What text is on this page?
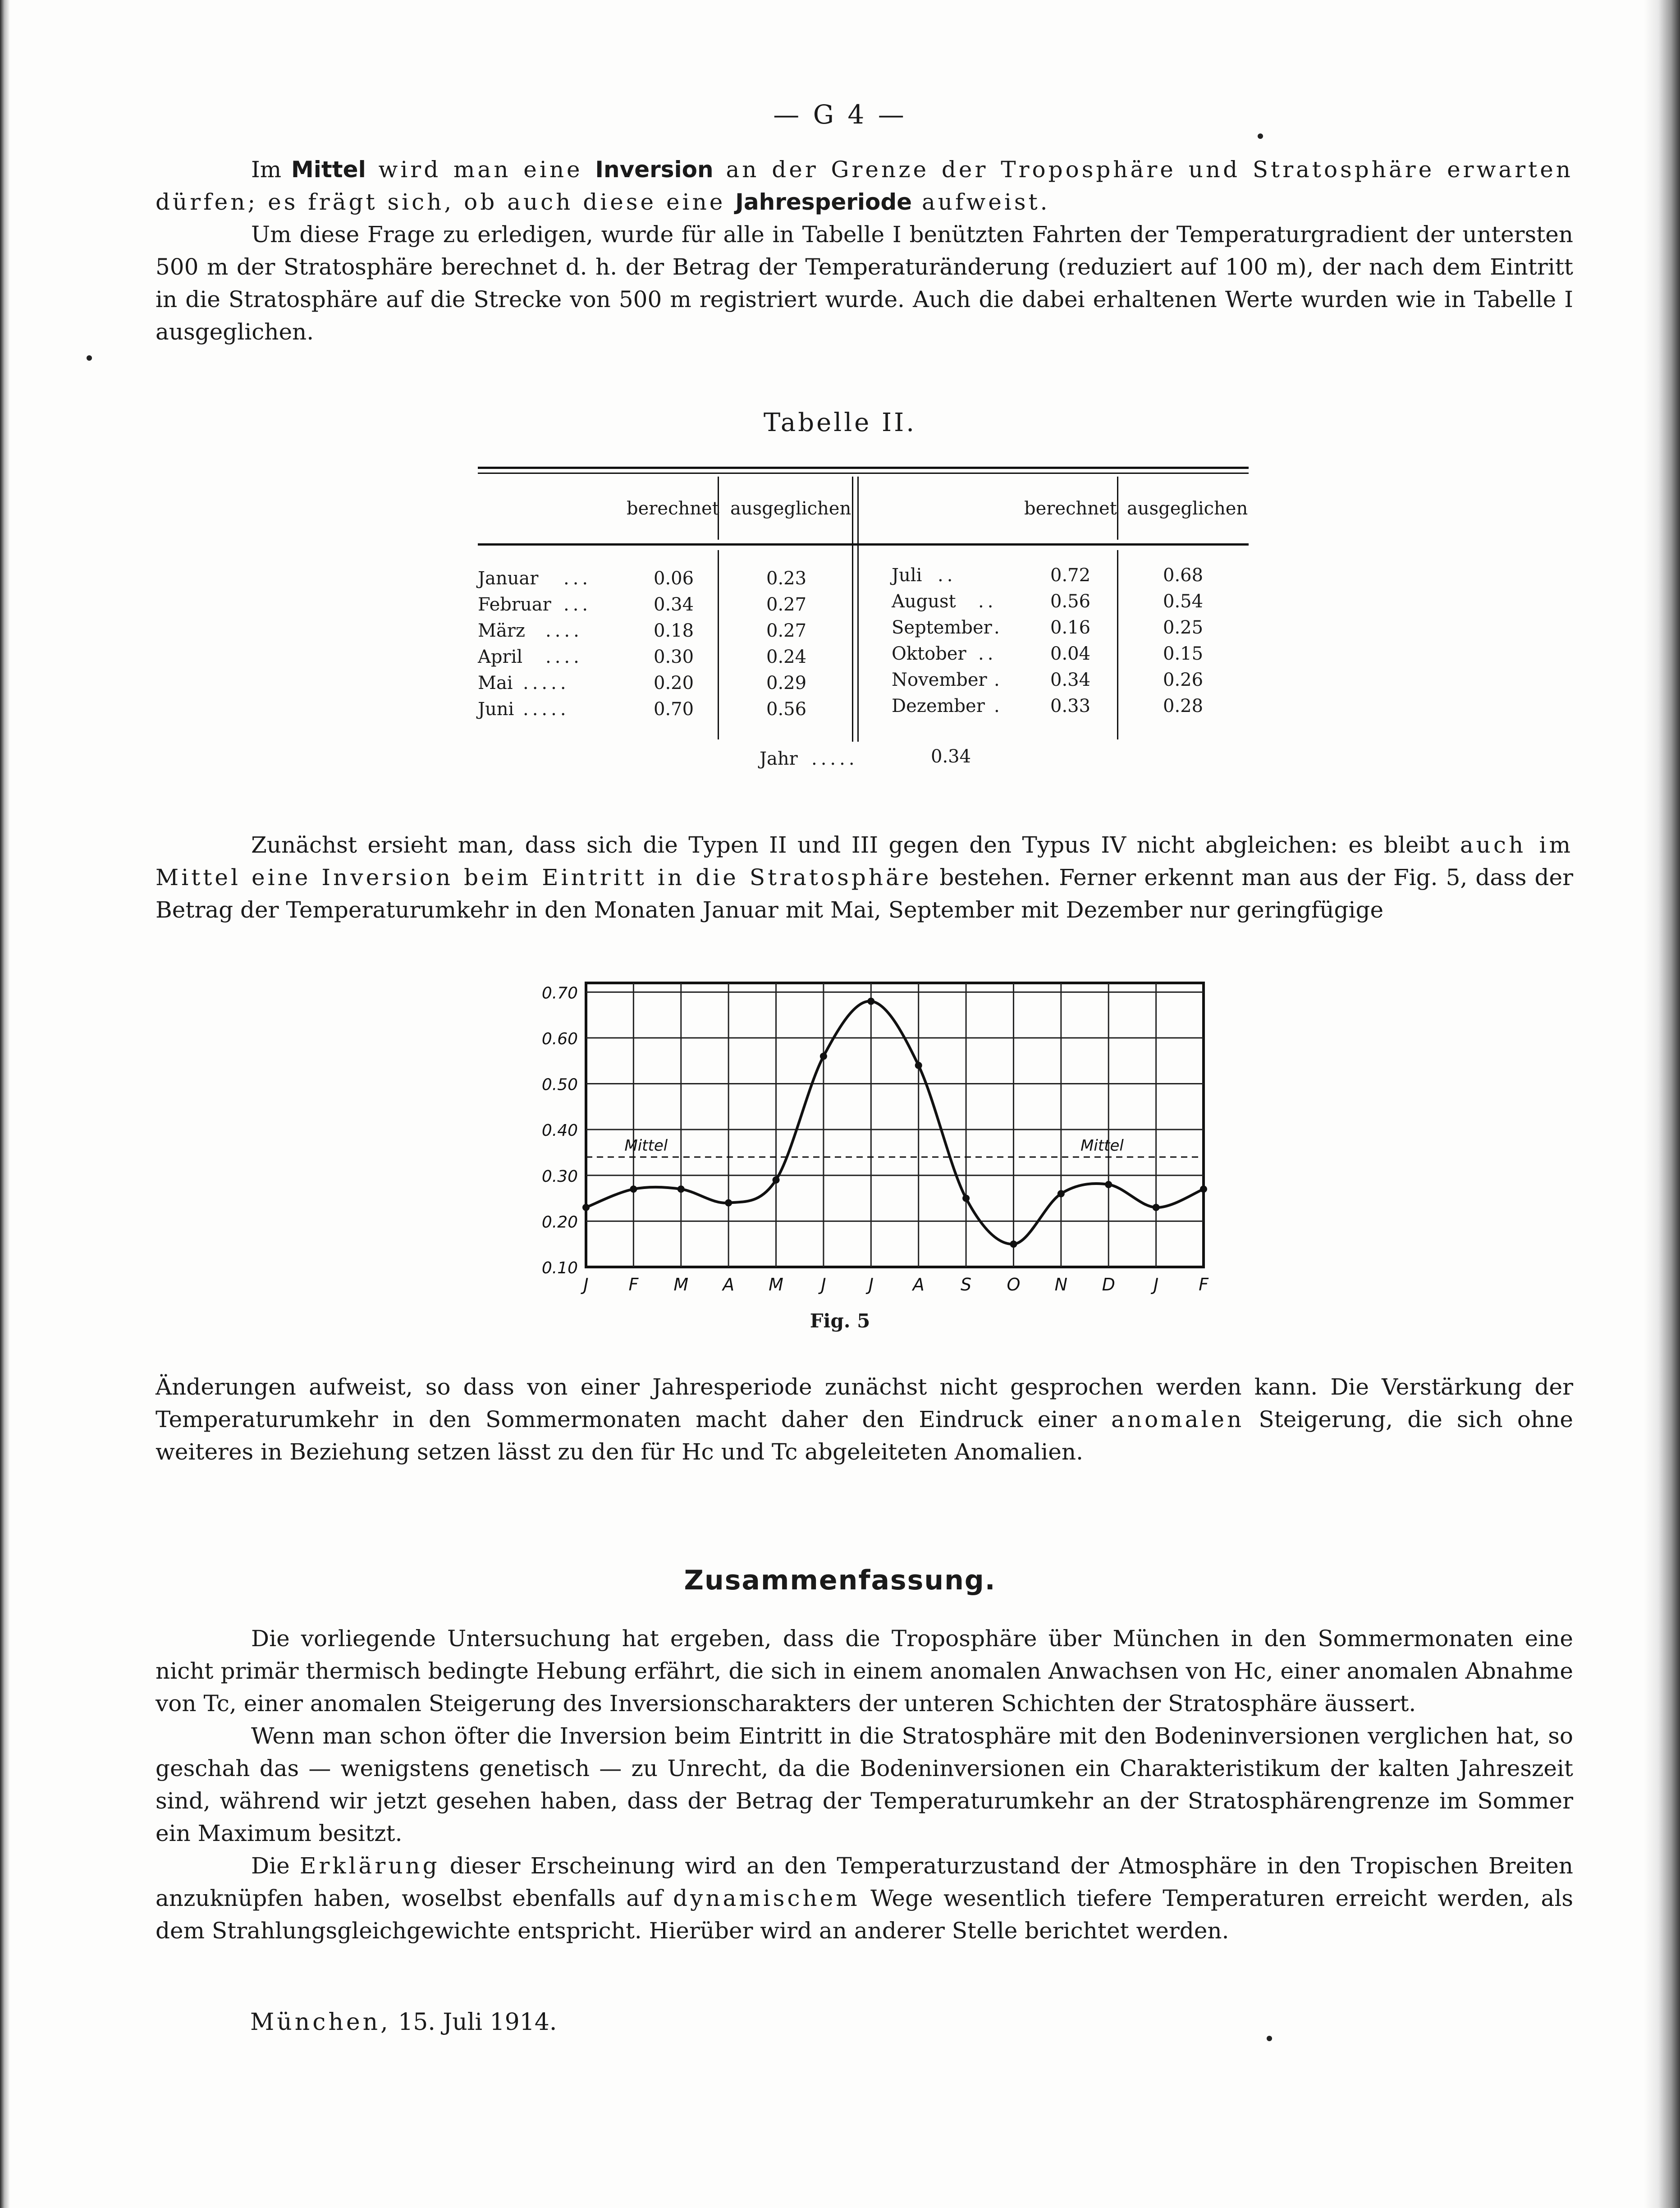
— G 4 —

Im Mittel wird man eine Inversion an der Grenze der Troposphäre und Stratosphäre erwarten dürfen; es frägt sich, ob auch diese eine Jahresperiode aufweist.

Um diese Frage zu erledigen, wurde für alle in Tabelle I benützten Fahrten der Temperaturgradient der untersten 500 m der Stratosphäre berechnet d. h. der Betrag der Temperaturänderung (reduziert auf 100 m), der nach dem Eintritt in die Stratosphäre auf die Strecke von 500 m registriert wurde. Auch die dabei erhaltenen Werte wurden wie in Tabelle I ausgeglichen.

Tabelle II.
berechnet ausgeglichen	berechnet ausgeglichen
Januar ...	0.06	0.23
Februar ...	0.34	0.27
März ....	0.18	0.27
April ....	0.30	0.24
Mai .....	0.20	0.29
Juni .....	0.70	0.56
Juli ..	0.72	0.68
August ..	0.56	0.54
September .	0.16	0.25
Oktober ..	0.04	0.15
November .	0.34	0.26
Dezember .	0.33	0.28
Jahr .....	0.34

Zunächst ersieht man, dass sich die Typen II und III gegen den Typus IV nicht abgleichen: es bleibt auch im Mittel eine Inversion beim Eintritt in die Stratosphäre bestehen. Ferner erkennt man aus der Fig. 5, dass der Betrag der Temperaturumkehr in den Monaten Januar mit Mai, September mit Dezember nur geringfügige

0.70
0.60
0.50
0.40
0.30
0.20
0.10
J F M A M J J A S O N D J F
Mittel	Mittel
Fig. 5

Änderungen aufweist, so dass von einer Jahresperiode zunächst nicht gesprochen werden kann. Die Verstärkung der Temperaturumkehr in den Sommermonaten macht daher den Eindruck einer anomalen Steigerung, die sich ohne weiteres in Beziehung setzen lässt zu den für Hc und Tc abgeleiteten Anomalien.

Zusammenfassung.

Die vorliegende Untersuchung hat ergeben, dass die Troposphäre über München in den Sommermonaten eine nicht primär thermisch bedingte Hebung erfährt, die sich in einem anomalen Anwachsen von Hc, einer anomalen Abnahme von Tc, einer anomalen Steigerung des Inversionscharakters der unteren Schichten der Stratosphäre äussert.

Wenn man schon öfter die Inversion beim Eintritt in die Stratosphäre mit den Bodeninversionen verglichen hat, so geschah das — wenigstens genetisch — zu Unrecht, da die Bodeninversionen ein Charakteristikum der kalten Jahreszeit sind, während wir jetzt gesehen haben, dass der Betrag der Temperaturumkehr an der Stratosphärengrenze im Sommer ein Maximum besitzt.

Die Erklärung dieser Erscheinung wird an den Temperaturzustand der Atmosphäre in den Tropischen Breiten anzuknüpfen haben, woselbst ebenfalls auf dynamischem Wege wesentlich tiefere Temperaturen erreicht werden, als dem Strahlungsgleichgewichte entspricht. Hierüber wird an anderer Stelle berichtet werden.

München, 15. Juli 1914.
